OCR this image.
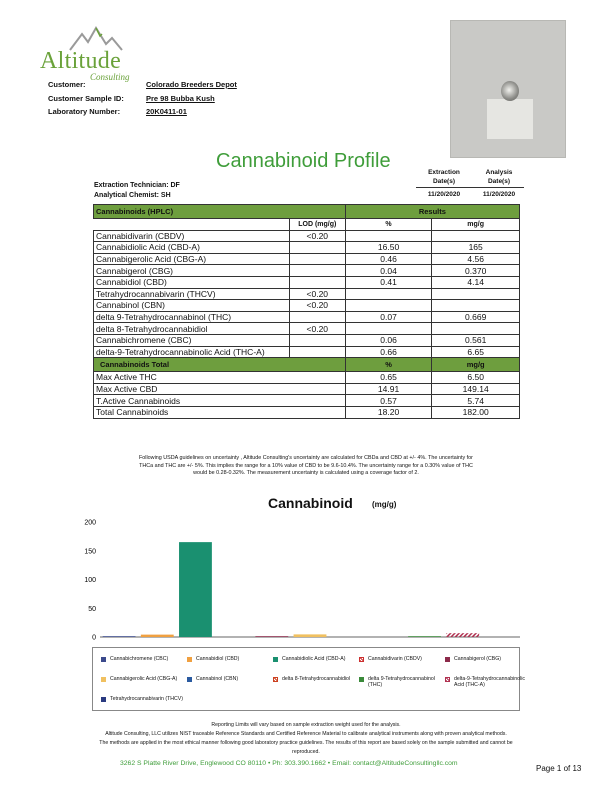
Altitude
Consulting
Customer:	Colorado Breeders Depot
Customer Sample ID:	Pre 98 Bubba Kush
Laboratory Number:	20K0411-01
Cannabinoid Profile
Extraction Technician: DF
Analytical Chemist: SH
Extraction
Date(s)
Analysis
Date(s)
11/20/2020	11/20/2020
Cannabinoids (HPLC)		Results	
	LOD (mg/g)	%	mg/g
Cannabidivarin (CBDV)	<0.20		
Cannabidiolic Acid (CBD-A)		16.50	165
Cannabigerolic Acid (CBG-A)		0.46	4.56
Cannabigerol (CBG)		0.04	0.370
Cannabidiol (CBD)		0.41	4.14
Tetrahydrocannabivarin (THCV)	<0.20		
Cannabinol (CBN)	<0.20		
delta 9-Tetrahydrocannabinol (THC)		0.07	0.669
delta 8-Tetrahydrocannabidiol	<0.20		
Cannabichromene (CBC)		0.06	0.561
delta-9-Tetrahydrocannabinolic Acid (THC-A)		0.66	6.65
Cannabinoids Total		%	mg/g
Max Active THC		0.65	6.50
Max Active CBD		14.91	149.14
T.Active Cannabinoids		0.57	5.74
Total Cannabinoids		18.20	182.00
Following USDA guidelines on uncertainty , Altitude Consulting's uncertainty are calculated for CBDa and CBD at +/- 4%. The uncertainty for
THCa and THC are +/- 5%. This implies the range for a 10% value of CBD to be 9.6-10.4%. The uncertainty range for a 0.30% value of THC
would be 0.28-0.32%. The measurement uncertainty is calculated using a coverage factor of 2.
Cannabinoid (mg/g)
0
50
100
150
200
Cannabichromene (CBC)	Cannabidiol (CBD)	Cannabidiolic Acid (CBD-A)	Cannabidivarin (CBDV)	Cannabigerol (CBG)
Cannabigerolic Acid (CBG-A)	Cannabinol (CBN)	delta 8-Tetrahydrocannabidiol	delta 9-Tetrahydrocannabinol (THC)
delta-9-Tetrahydrocannabinolic Acid (THC-A)
Tetrahydrocannabivarin (THCV)
Reporting Limits will vary based on sample extraction weight used for the analysis.
Altitude Consulting, LLC utilizes NIST traceable Reference Standards and Certified Reference Material to calibrate analytical instruments along with proven analytical methods.
The methods are applied in the most ethical manner following good laboratory practice guidelines. The results of this report are based solely on the sample submitted and cannot be
reproduced.
3262 S Platte River Drive, Englewood CO 80110 • Ph: 303.390.1662 • Email: contact@AltitudeConsultingllc.com
Page 1 of 13
